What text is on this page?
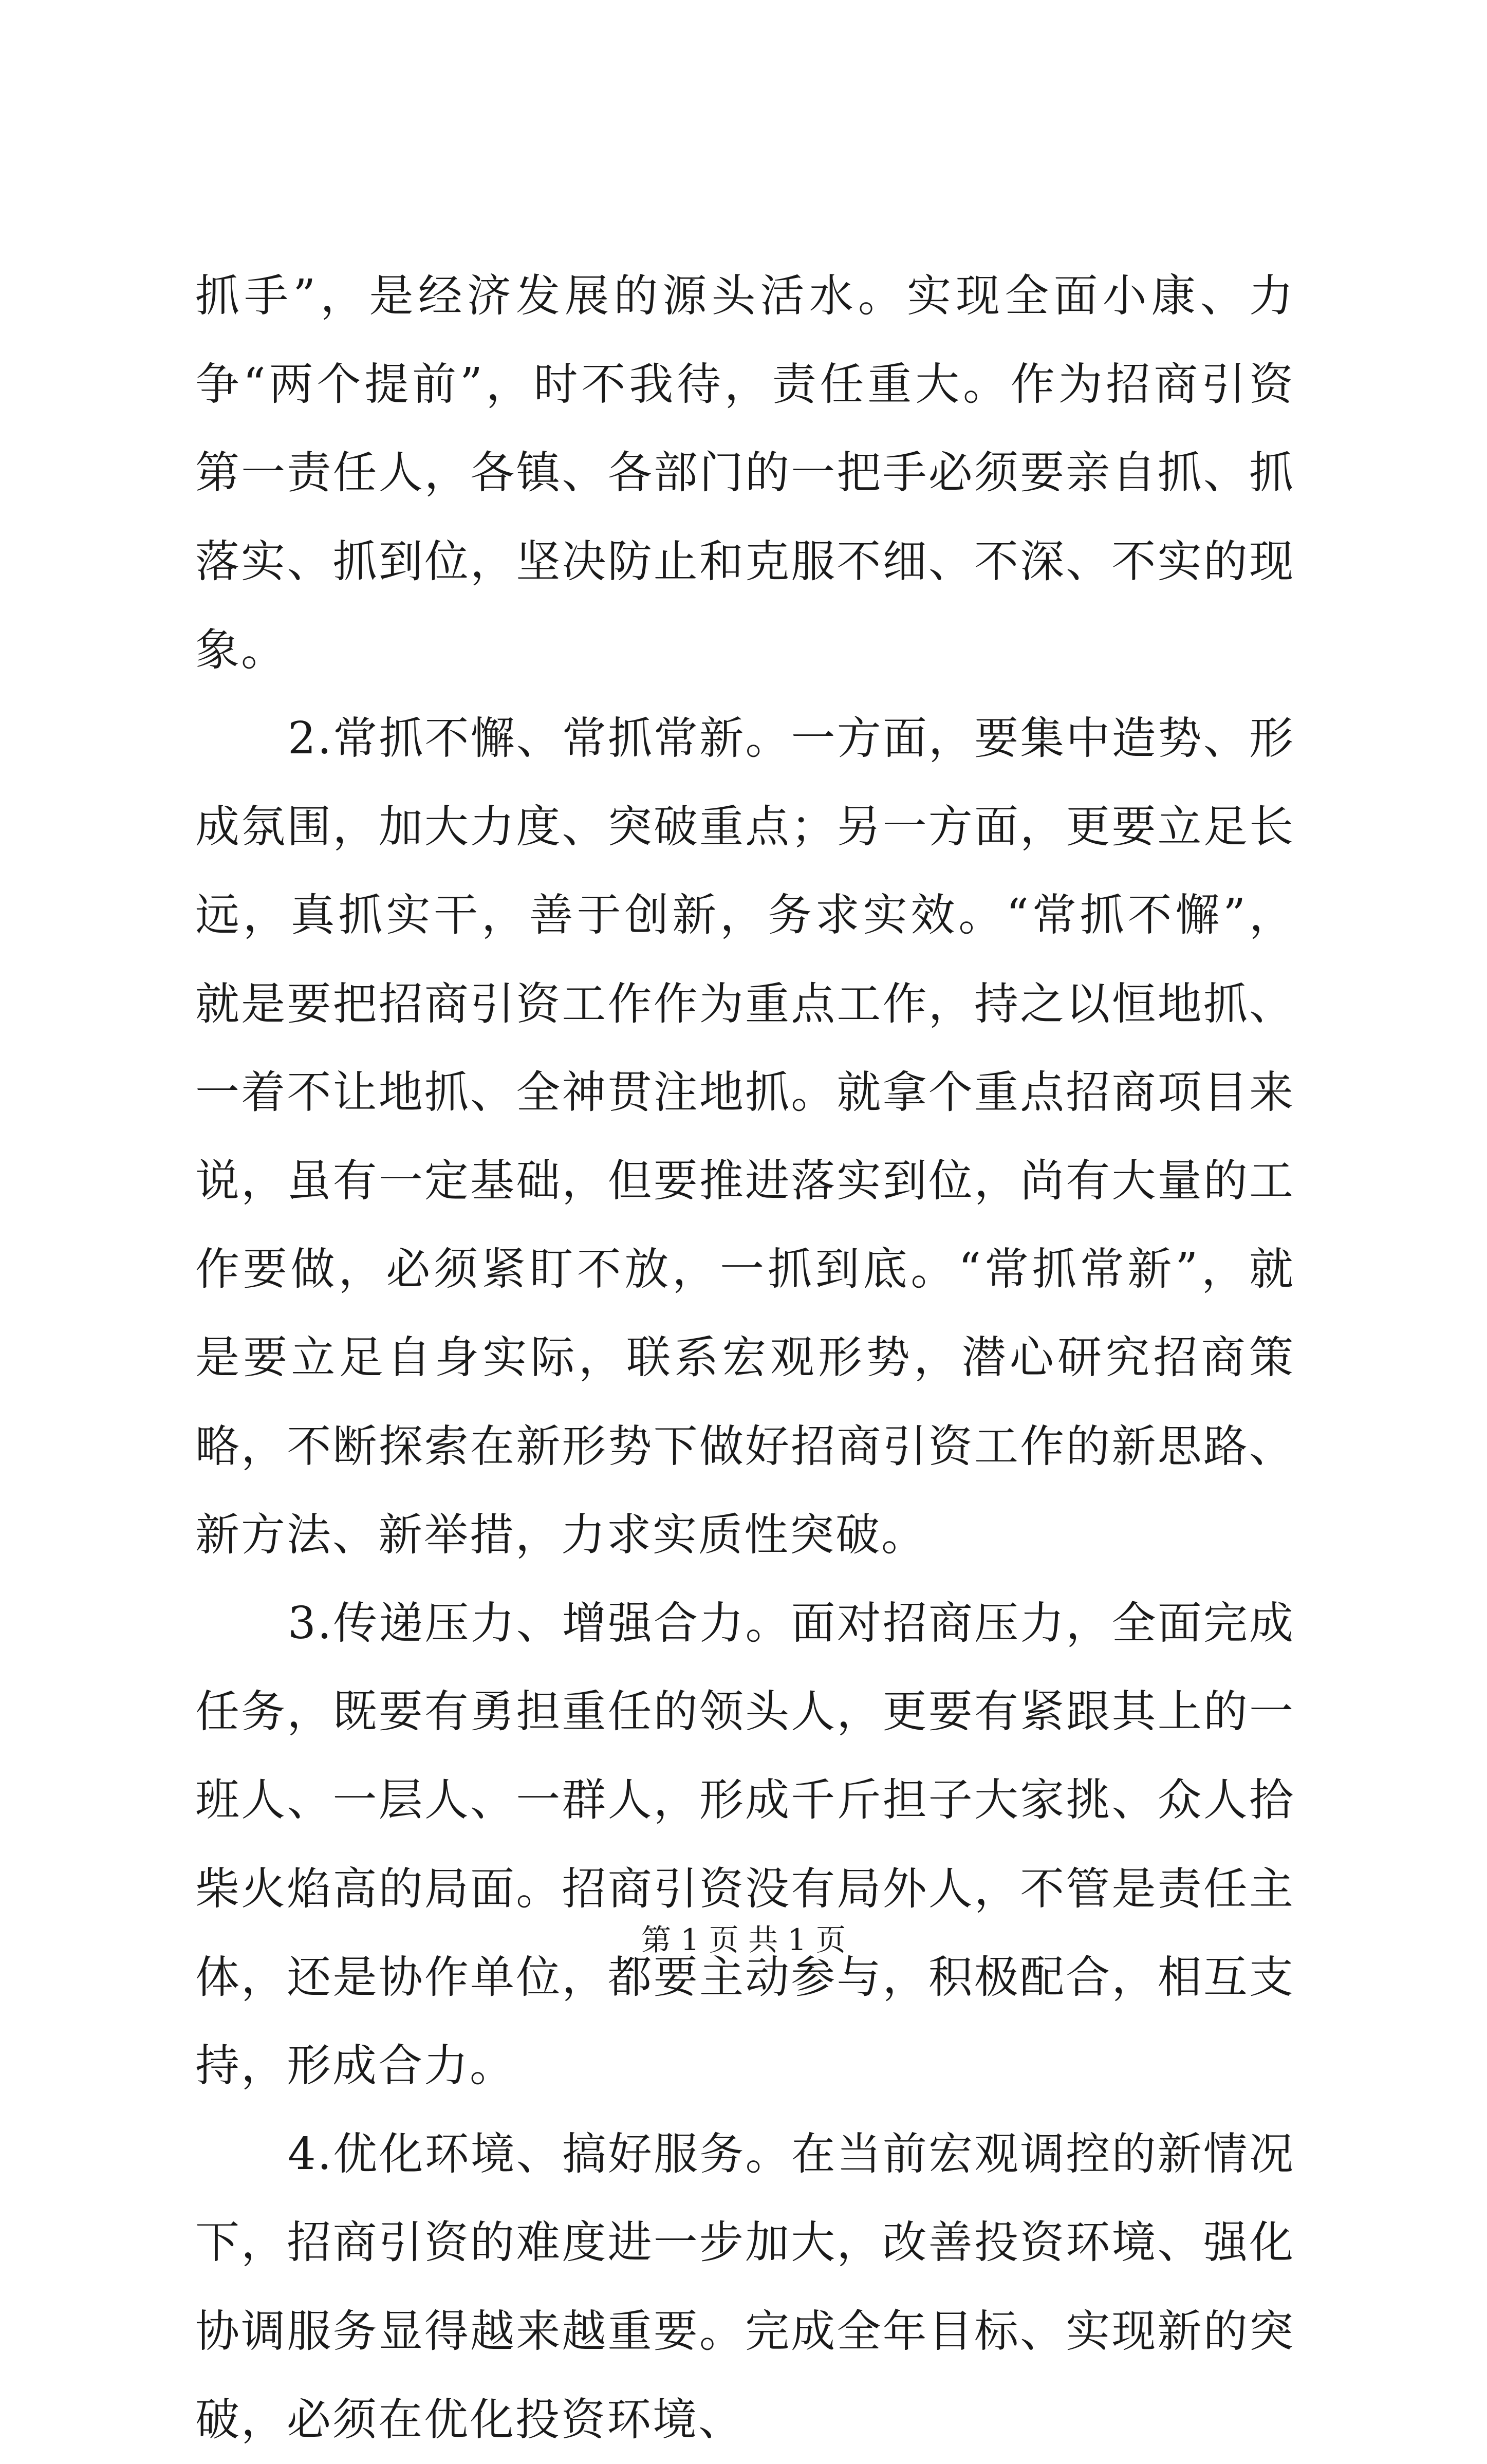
抓手”，是经济发展的源头活水。实现全面小康、力争“两个提前”，时不我待，责任重大。作为招商引资第一责任人，各镇、各部门的一把手必须要亲自抓、抓落实、抓到位，坚决防止和克服不细、不深、不实的现象。

2.常抓不懈、常抓常新。一方面，要集中造势、形成氛围，加大力度、突破重点；另一方面，更要立足长远，真抓实干，善于创新，务求实效。“常抓不懈”，就是要把招商引资工作作为重点工作，持之以恒地抓、一着不让地抓、全神贯注地抓。就拿个重点招商项目来说，虽有一定基础，但要推进落实到位，尚有大量的工作要做，必须紧盯不放，一抓到底。“常抓常新”，就是要立足自身实际，联系宏观形势，潜心研究招商策略，不断探索在新形势下做好招商引资工作的新思路、新方法、新举措，力求实质性突破。

3.传递压力、增强合力。面对招商压力，全面完成任务，既要有勇担重任的领头人，更要有紧跟其上的一班人、一层人、一群人，形成千斤担子大家挑、众人拾柴火焰高的局面。招商引资没有局外人，不管是责任主体，还是协作单位，都要主动参与，积极配合，相互支持，形成合力。

4.优化环境、搞好服务。在当前宏观调控的新情况下，招商引资的难度进一步加大，改善投资环境、强化协调服务显得越来越重要。完成全年目标、实现新的突破，必须在优化投资环境、

第 1 页 共 1 页
